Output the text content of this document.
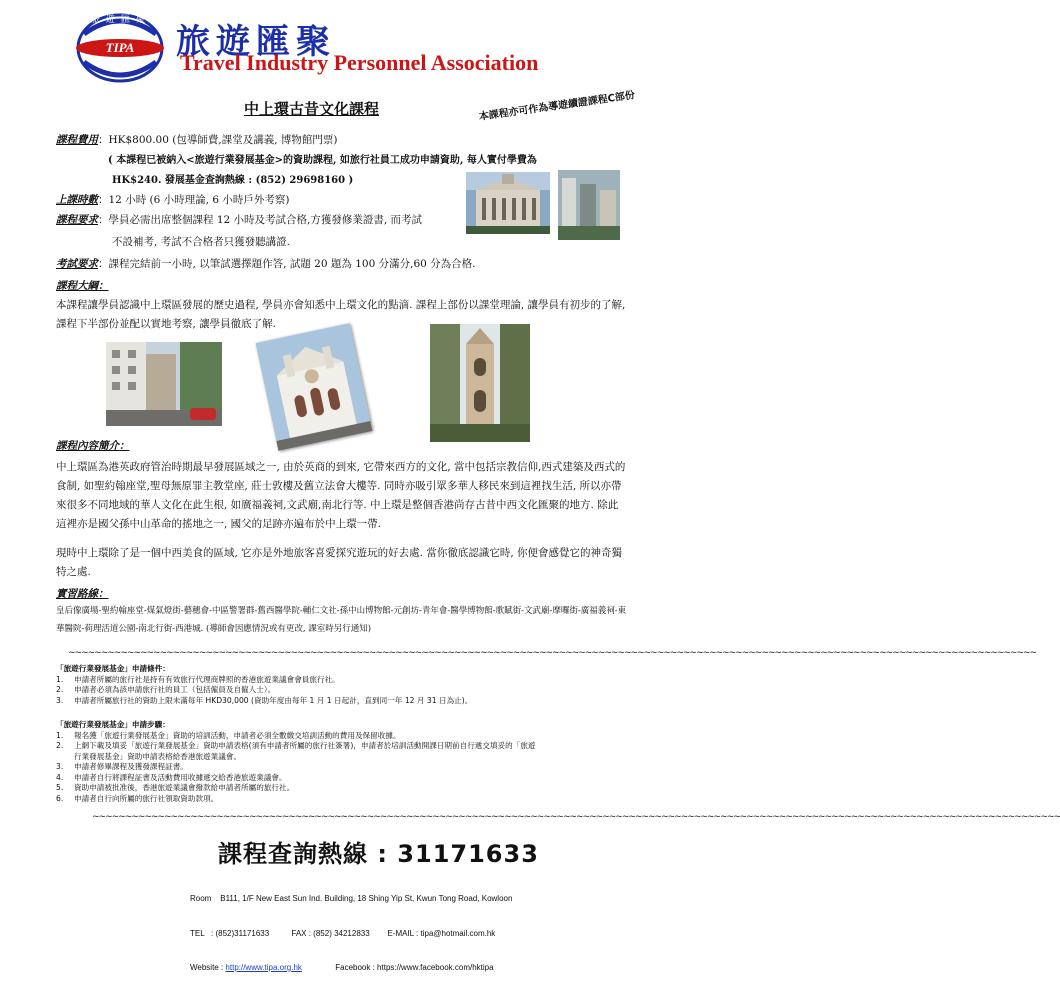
TIPA
旅遊匯聚
旅遊匯聚
Travel Industry Personnel Association
中上環古昔文化課程	本課程亦可作為導遊續證課程C部份
課程費用：HK$800.00 (包導師費,課堂及講義, 博物館門票)
( 本課程已被納入<旅遊行業發展基金>的資助課程, 如旅行社員工成功申請資助, 每人實付學費為
HK$240. 發展基金查詢熱線 : (852) 29698160 )
上課時數：12 小時 (6 小時理論, 6 小時戶外考察)
課程要求：學員必需出席整個課程 12 小時及考試合格,方獲發修業證書, 而考試
不設補考, 考試不合格者只獲發聽講證.
考試要求：課程完結前一小時, 以筆試選擇題作答, 試題 20 題為 100 分滿分,60 分為合格.
課程大綱：
本課程讓學員認識中上環區發展的歷史過程, 學員亦會知悉中上環文化的點滴. 課程上部份以課堂理論, 讓學員有初步的了解, 課程下半部份並配以實地考察, 讓學員徹底了解.
課程內容簡介：
中上環區為港英政府管治時期最早發展區域之一, 由於英商的到來, 它帶來西方的文化, 當中包括宗教信仰,西式建築及西式的食制, 如聖約翰座堂,聖母無原罪主教堂座, 莊士敦樓及舊立法會大樓等. 同時亦吸引眾多華人移民來到這裡找生活, 所以亦帶來很多不同地域的華人文化在此生根, 如廣福義祠,文武廟,南北行等. 中上環是整個香港尚存古昔中西文化匯聚的地方. 除此這裡亦是國父孫中山革命的搖地之一, 國父的足跡亦遍布於中上環一帶.
現時中上環除了是一個中西美食的區域, 它亦是外地旅客喜愛探究遊玩的好去處. 當你徹底認識它時, 你便會感覺它的神奇獨特之處.
實習路線：
皇后像廣場-聖約翰座堂-煤氣燈街-藝穗會-中區警署群-舊西醫學院-輔仁文社-孫中山博物館-元創坊-青年會-醫學博物館-歌賦街-文武廟-摩囉街-廣福義祠-東華醫院-荷理活道公園-南北行街-西港城. (導師會因應情況或有更改, 課室時另行通知)
~~~~~~~~~~~~~~~~~~~~~~~~~~~~~~~~~~~~~~~~~~~~~~~~~~~~~~~~~~~~~~~~~~~~~~~~~~~~~~~~~~~~~~~~~~~~~~~~~~~~~~~~~~~~~~~~~~~~~~~~~~~~~~~~~~~~~~~~~~~~~~~~~~~~
「旅遊行業發展基金」申請條件：
1. 申請者所屬的旅行社是持有有效旅行代理商牌照的香港旅遊業議會會員旅行社。
2. 申請者必須為該申請旅行社的員工（包括僱員及自僱人士）。
3. 申請者所屬旅行社的資助上限未滿每年 HKD30,000 (資助年度由每年 1 月 1 日起計，直到同一年 12 月 31 日為止)。
「旅遊行業發展基金」申請步驟：
1. 報名獲「旅遊行業發展基金」資助的培訓活動，申請者必須全數繳交培訓活動的費用及保留收據。
2. 上網下載及填妥「旅遊行業發展基金」資助申請表格(須有申請者所屬的旅行社簽署)，申請者於培訓活動開課日期前自行遞交填妥的「旅遊
行業發展基金」資助申請表格給香港旅遊業議會。
3. 申請者修畢課程及獲發課程証書。
4. 申請者自行將課程証書及活動費用收據遞交給香港旅遊業議會。
5. 資助申請被批准後，香港旅遊業議會撥款給申請者所屬的旅行社。
6. 申請者自行向所屬的旅行社領取資助款項。
~~~~~~~~~~~~~~~~~~~~~~~~~~~~~~~~~~~~~~~~~~~~~~~~~~~~~~~~~~~~~~~~~~~~~~~~~~~~~~~~~~~~~~~~~~~~~~~~~~~~~~~~~~~~~~~~~~~~~~~~~~~~~~~~~~~~~~~~~~~~~~~~~~~~
課程查詢熱線 : 31171633

Room    B111, 1/F New East Sun Ind. Building, 18 Shing Yip St, Kwun Tong Road, Kowloon

TEL   : (852)31171633          FAX : (852) 34212833        E-MAIL : tipa@hotmail.com.hk

Website : http://www.tipa.org.hk               Facebook : https://www.facebook.com/hktipa
